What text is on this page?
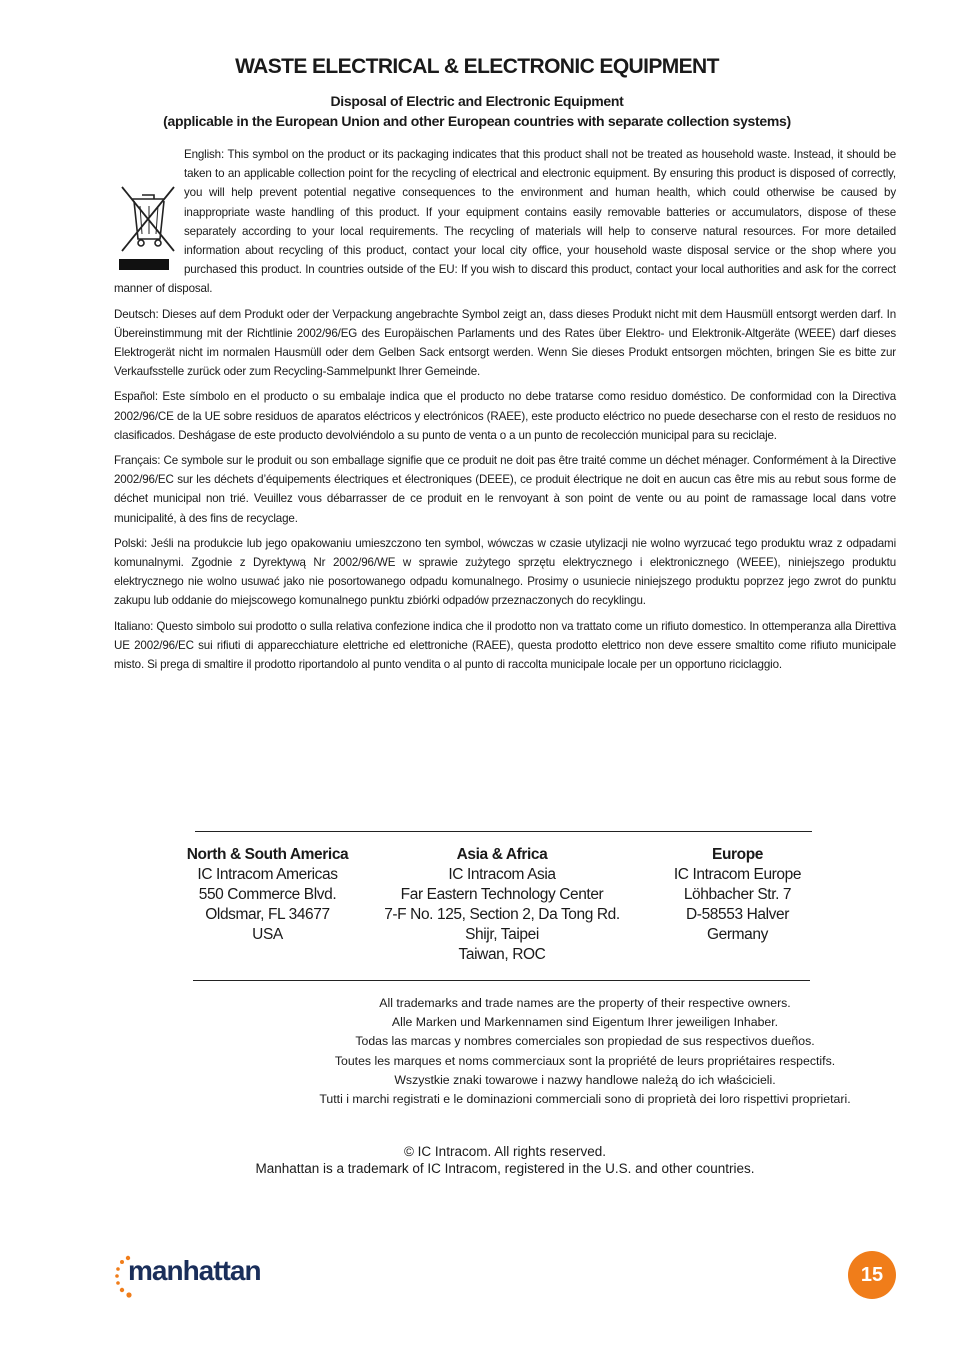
WASTE ELECTRICAL & ELECTRONIC EQUIPMENT
Disposal of Electric and Electronic Equipment
(applicable in the European Union and other European countries with separate collection systems)

English: This symbol on the product or its packaging indicates that this product shall not be treated as household waste. Instead, it should be taken to an applicable collection point for the recycling of electrical and electronic equipment. By ensuring this product is disposed of correctly, you will help prevent potential negative consequences to the environment and human health, which could otherwise be caused by inappropriate waste handling of this product. If your equipment contains easily removable batteries or accumulators, dispose of these separately according to your local requirements. The recycling of materials will help to conserve natural resources. For more detailed information about recycling of this product, contact your local city office, your household waste disposal service or the shop where you purchased this product. In countries outside of the EU: If you wish to discard this product, contact your local authorities and ask for the correct manner of disposal.

Deutsch: Dieses auf dem Produkt oder der Verpackung angebrachte Symbol zeigt an, dass dieses Produkt nicht mit dem Hausmüll entsorgt werden darf. In Übereinstimmung mit der Richtlinie 2002/96/EG des Europäischen Parlaments und des Rates über Elektro- und Elektronik-Altgeräte (WEEE) darf dieses Elektrogerät nicht im normalen Hausmüll oder dem Gelben Sack entsorgt werden. Wenn Sie dieses Produkt entsorgen möchten, bringen Sie es bitte zur Verkaufsstelle zurück oder zum Recycling-Sammelpunkt Ihrer Gemeinde.

Español: Este símbolo en el producto o su embalaje indica que el producto no debe tratarse como residuo doméstico. De conformidad con la Directiva 2002/96/CE de la UE sobre residuos de aparatos eléctricos y electrónicos (RAEE), este producto eléctrico no puede desecharse con el resto de residuos no clasificados. Deshágase de este producto devolviéndolo a su punto de venta o a un punto de recolección municipal para su reciclaje.

Français: Ce symbole sur le produit ou son emballage signifie que ce produit ne doit pas être traité comme un déchet ménager. Conformément à la Directive 2002/96/EC sur les déchets d’équipements électriques et électroniques (DEEE), ce produit électrique ne doit en aucun cas être mis au rebut sous forme de déchet municipal non trié. Veuillez vous débarrasser de ce produit en le renvoyant à son point de vente ou au point de ramassage local dans votre municipalité, à des fins de recyclage.

Polski: Jeśli na produkcie lub jego opakowaniu umieszczono ten symbol, wówczas w czasie utylizacji nie wolno wyrzucać tego produktu wraz z odpadami komunalnymi. Zgodnie z Dyrektywą Nr 2002/96/WE w sprawie zużytego sprzętu elektrycznego i elektronicznego (WEEE), niniejszego produktu elektrycznego nie wolno usuwać jako nie posortowanego odpadu komunalnego. Prosimy o usuniecie niniejszego produktu poprzez jego zwrot do punktu zakupu lub oddanie do miejscowego komunalnego punktu zbiórki odpadów przeznaczonych do recyklingu.

Italiano: Questo simbolo sui prodotto o sulla relativa confezione indica che il prodotto non va trattato come un rifiuto domestico. In ottemperanza alla Direttiva UE 2002/96/EC sui rifiuti di apparecchiature elettriche ed elettroniche (RAEE), questa prodotto elettrico non deve essere smaltito come rifiuto municipale misto. Si prega di smaltire il prodotto riportandolo al punto vendita o al punto di raccolta municipale locale per un opportuno riciclaggio.

North & South America
IC Intracom Americas
550 Commerce Blvd.
Oldsmar, FL 34677
USA
Asia & Africa
IC Intracom Asia
Far Eastern Technology Center
7-F No. 125, Section 2, Da Tong Rd.
Shijr, Taipei
Taiwan, ROC
Europe
IC Intracom Europe
Löhbacher Str. 7
D-58553 Halver
Germany
All trademarks and trade names are the property of their respective owners.
Alle Marken und Markennamen sind Eigentum Ihrer jeweiligen Inhaber.
Todas las marcas y nombres comerciales son propiedad de sus respectivos dueños.
Toutes les marques et noms commerciaux sont la propriété de leurs propriétaires respectifs.
Wszystkie znaki towarowe i nazwy handlowe należą do ich właścicieli.
Tutti i marchi registrati e le dominazioni commerciali sono di proprietà dei loro rispettivi proprietari.
© IC Intracom. All rights reserved.
Manhattan is a trademark of IC Intracom, registered in the U.S. and other countries.
manhattan	15
